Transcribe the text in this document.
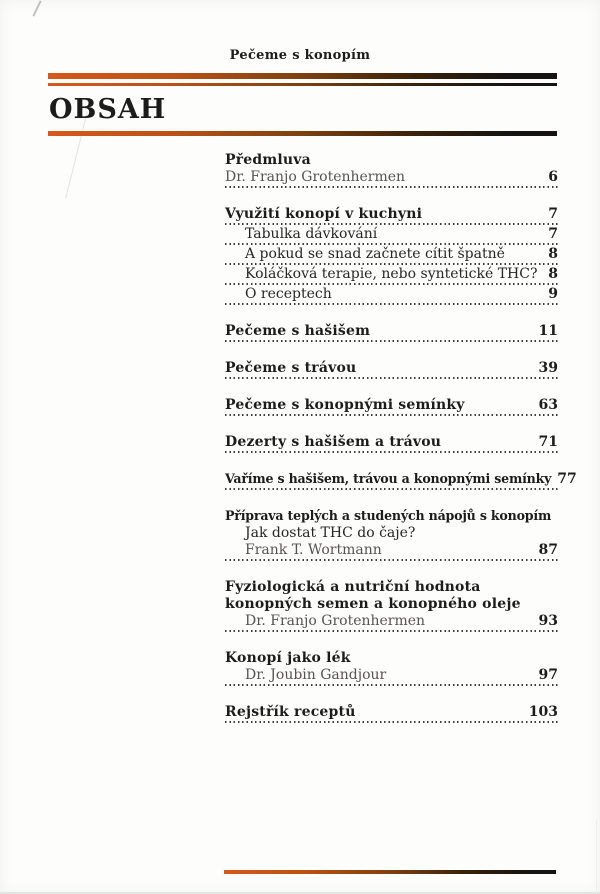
Pečeme s konopím
OBSAH
Předmluva
Dr. Franjo Grotenhermen	6
Využití konopí v kuchyni	7
Tabulka dávkování	7
A pokud se snad začnete cítit špatně	8
Koláčková terapie, nebo syntetické THC? 8
O receptech	9
Pečeme s hašišem	11
Pečeme s trávou	39
Pečeme s konopnými semínky	63
Dezerty s hašišem a trávou	71
Vaříme s hašišem, trávou a konopnými semínky 77
Příprava teplých a studených nápojů s konopím
Jak dostat THC do čaje?
Frank T. Wortmann	87
Fyziologická a nutriční hodnota
konopných semen a konopného oleje
Dr. Franjo Grotenhermen	93
Konopí jako lék
Dr. Joubin Gandjour	97
Rejstřík receptů	103
